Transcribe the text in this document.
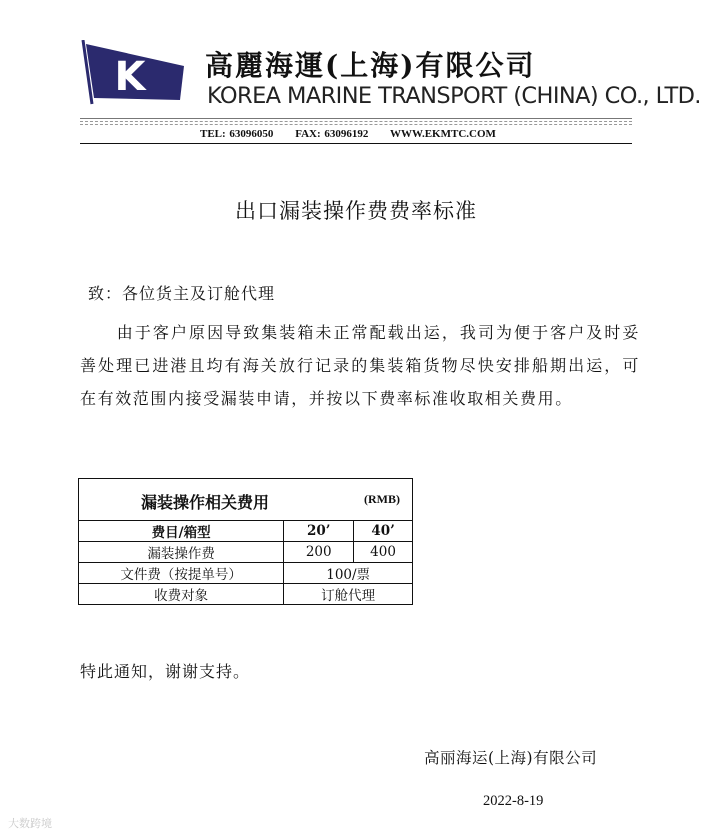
K 高麗海運(上海)有限公司
KOREA MARINE TRANSPORT (CHINA) CO., LTD.
TEL: 63096050 FAX: 63096192 WWW.EKMTC.COM
出口漏装操作费费率标准
致：各位货主及订舱代理
由于客户原因导致集装箱未正常配载出运，我司为便于客户及时妥善处理已进港且均有海关放行记录的集装箱货物尽快安排船期出运，可在有效范围内接受漏装申请，并按以下费率标准收取相关费用。
漏装操作相关费用 (RMB)		

费目/箱型	20’	40’
漏装操作费	200	400
文件费（按提单号）	100/票	
收费对象	订舱代理	
特此通知，谢谢支持。
高丽海运(上海)有限公司
2022-8-19
大数跨境
